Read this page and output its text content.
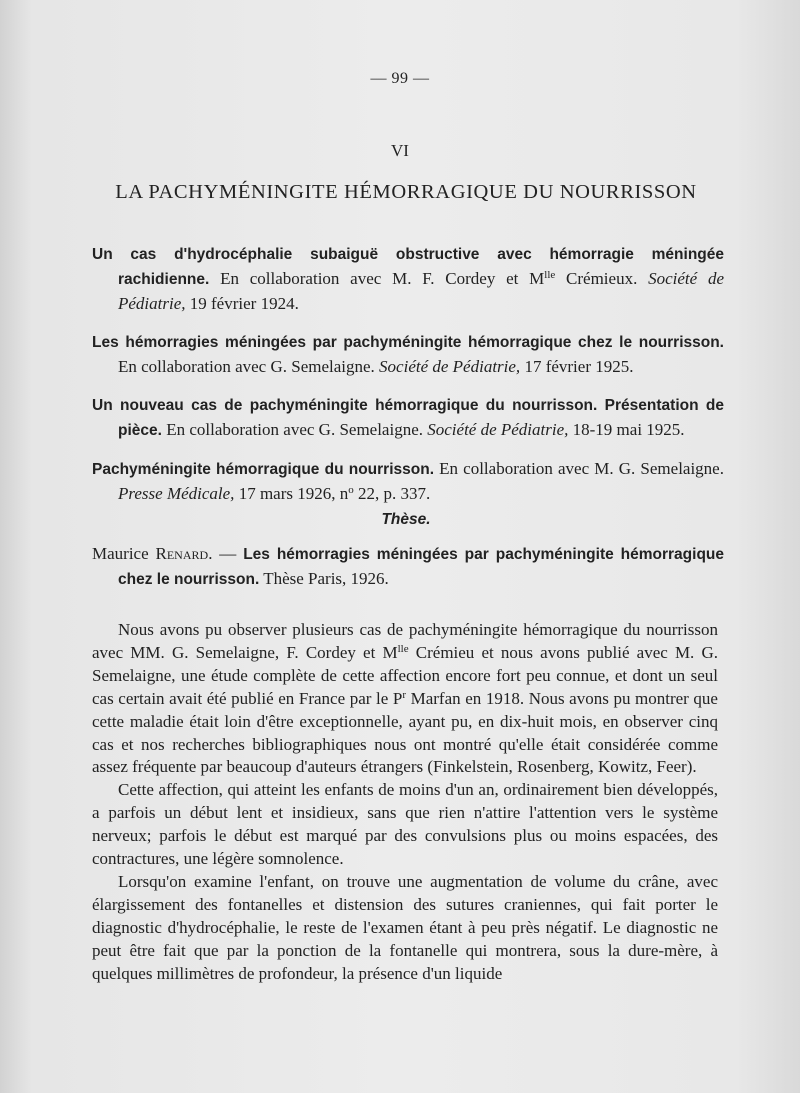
— 99 —
VI
LA PACHYMÉNINGITE HÉMORRAGIQUE DU NOURRISSON
Un cas d'hydrocéphalie subaiguë obstructive avec hémorragie méningée rachidienne. En collaboration avec M. F. Cordey et $M^{lle}$ Crémieux. Société de Pédiatrie, 19 février 1924.
Les hémorragies méningées par pachyméningite hémorragique chez le nourrisson. En collaboration avec G. Semelaigne. Société de Pédiatrie, 17 février 1925.
Un nouveau cas de pachyméningite hémorragique du nourrisson. Présentation de pièce. En collaboration avec G. Semelaigne. Société de Pédiatrie, 18-19 mai 1925.
Pachyméningite hémorragique du nourrisson. En collaboration avec M. G. Semelaigne. Presse Médicale, 17 mars 1926, $n^o$ 22, p. 337.
Thèse.
Maurice Renard. — Les hémorragies méningées par pachyméningite hémorragique chez le nourrisson. Thèse Paris, 1926.

Nous avons pu observer plusieurs cas de pachyméningite hémorragique du nourrisson avec MM. G. Semelaigne, F. Cordey et $M^{lle}$ Crémieu et nous avons publié avec M. G. Semelaigne, une étude complète de cette affection encore fort peu connue, et dont un seul cas certain avait été publié en France par le $P^r$ Marfan en 1918. Nous avons pu montrer que cette maladie était loin d'être exceptionnelle, ayant pu, en dix-huit mois, en observer cinq cas et nos recherches bibliographiques nous ont montré qu'elle était considérée comme assez fréquente par beaucoup d'auteurs étrangers (Finkelstein, Rosenberg, Kowitz, Feer).

Cette affection, qui atteint les enfants de moins d'un an, ordinairement bien développés, a parfois un début lent et insidieux, sans que rien n'attire l'attention vers le système nerveux; parfois le début est marqué par des convulsions plus ou moins espacées, des contractures, une légère somnolence.

Lorsqu'on examine l'enfant, on trouve une augmentation de volume du crâne, avec élargissement des fontanelles et distension des sutures craniennes, qui fait porter le diagnostic d'hydrocéphalie, le reste de l'examen étant à peu près négatif. Le diagnostic ne peut être fait que par la ponction de la fontanelle qui montrera, sous la dure-mère, à quelques millimètres de profondeur, la présence d'un liquide
